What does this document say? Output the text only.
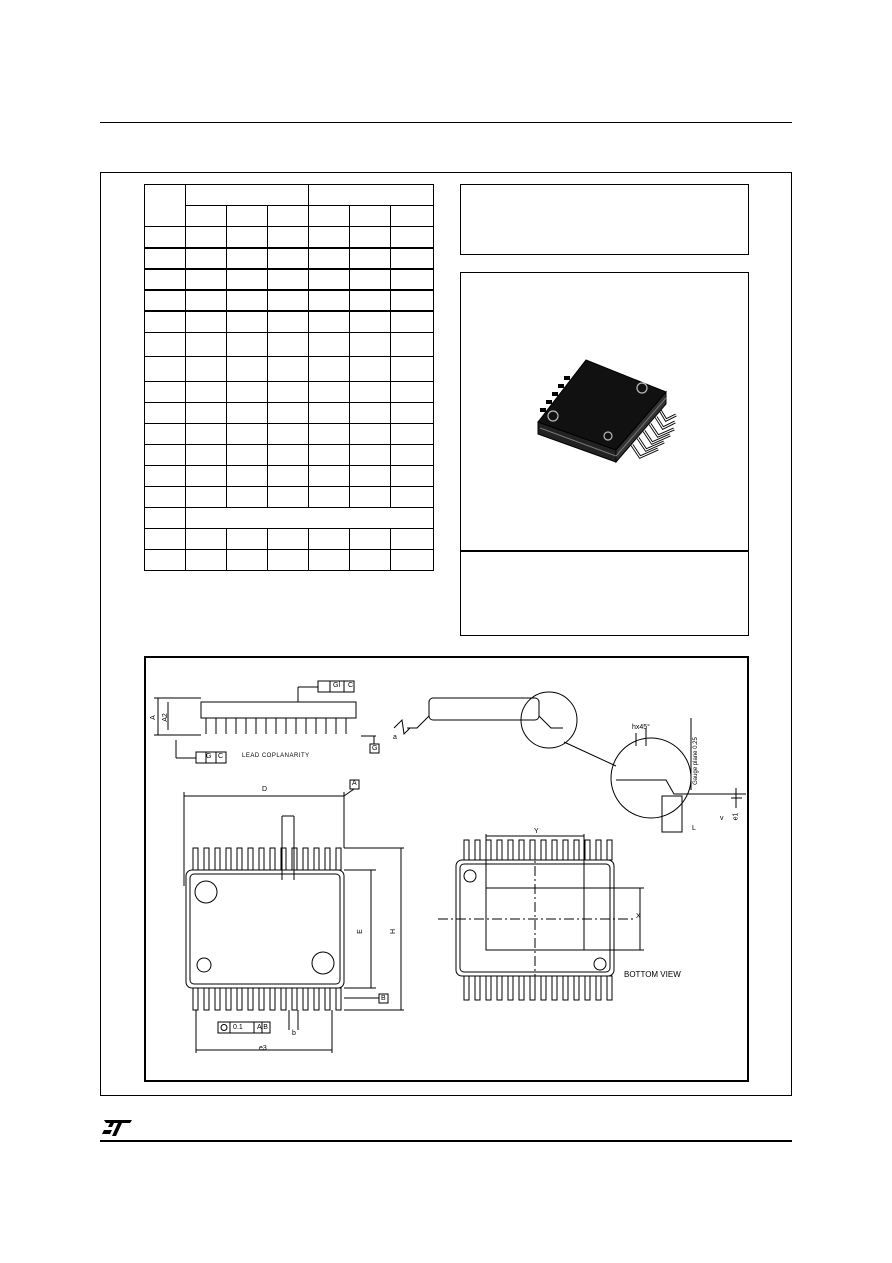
Gl C
G C	LEAD COPLANARITY
A A2
a
G
D
A
E	H
B
0.1 A B
b
e3
hx45°
Gauge plane 0.25
L
v e1
Y
X
BOTTOM VIEW
